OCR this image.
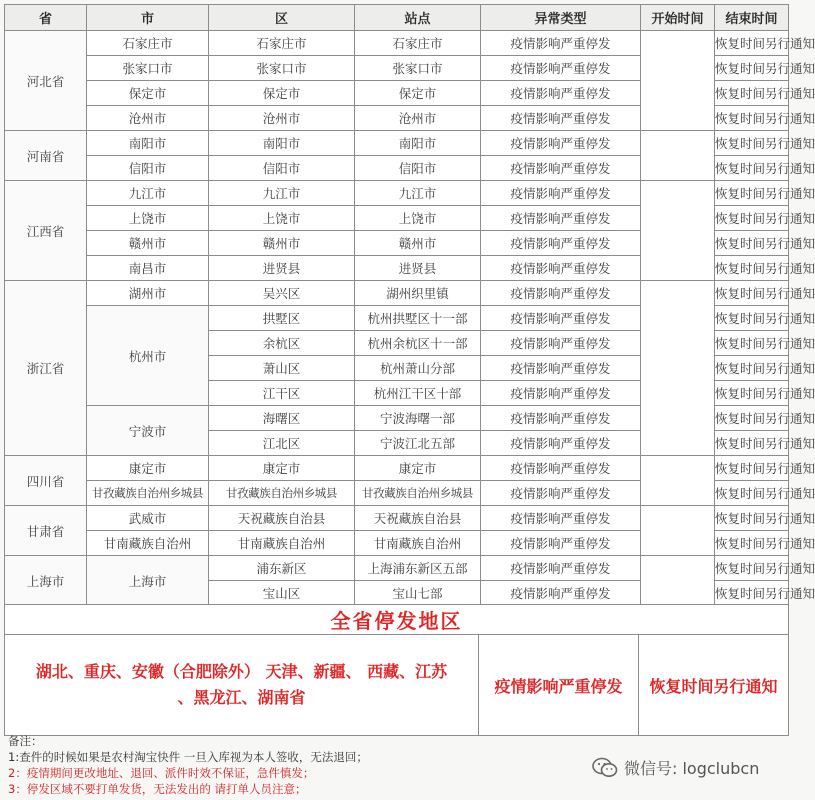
省	市	区	站点	异常类型	开始时间	结束时间
河北省	石家庄市	石家庄市	石家庄市	疫情影响严重停发		恢复时间另行通知
	张家口市	张家口市	张家口市	疫情影响严重停发		恢复时间另行通知
	保定市	保定市	保定市	疫情影响严重停发		恢复时间另行通知
	沧州市	沧州市	沧州市	疫情影响严重停发		恢复时间另行通知
河南省	南阳市	南阳市	南阳市	疫情影响严重停发		恢复时间另行通知
	信阳市	信阳市	信阳市	疫情影响严重停发		恢复时间另行通知
江西省	九江市	九江市	九江市	疫情影响严重停发		恢复时间另行通知
	上饶市	上饶市	上饶市	疫情影响严重停发		恢复时间另行通知
	赣州市	赣州市	赣州市	疫情影响严重停发		恢复时间另行通知
	南昌市	进贤县	进贤县	疫情影响严重停发		恢复时间另行通知
浙江省	湖州市	吴兴区	湖州织里镇	疫情影响严重停发		恢复时间另行通知
	杭州市	拱墅区	杭州拱墅区十一部	疫情影响严重停发		恢复时间另行通知
		余杭区	杭州余杭区十一部	疫情影响严重停发		恢复时间另行通知
		萧山区	杭州萧山分部	疫情影响严重停发		恢复时间另行通知
		江干区	杭州江干区十部	疫情影响严重停发		恢复时间另行通知
	宁波市	海曙区	宁波海曙一部	疫情影响严重停发		恢复时间另行通知
		江北区	宁波江北五部	疫情影响严重停发		恢复时间另行通知
四川省	康定市	康定市	康定市	疫情影响严重停发		恢复时间另行通知
	甘孜藏族自治州乡城县	甘孜藏族自治州乡城县	甘孜藏族自治州乡城县	疫情影响严重停发		恢复时间另行通知
甘肃省	武威市	天祝藏族自治县	天祝藏族自治县	疫情影响严重停发		恢复时间另行通知
	甘南藏族自治州	甘南藏族自治州	甘南藏族自治州	疫情影响严重停发		恢复时间另行通知
上海市	上海市	浦东新区	上海浦东新区五部	疫情影响严重停发		恢复时间另行通知
		宝山区	宝山七部	疫情影响严重停发		恢复时间另行通知
全省停发地区

湖北、重庆、安徽（合肥除外） 天津、新疆、 西藏、江苏
、黑龙江、湖南省
	疫情影响严重停发	恢复时间另行通知
备注：
1:查件的时候如果是农村淘宝快件 一旦入库视为本人签收，无法退回；
2：疫情期间更改地址、退回、派件时效不保证，急件慎发；
3：停发区域不要打单发货，无法发出的 请打单人员注意；
微信号: logclubcn
